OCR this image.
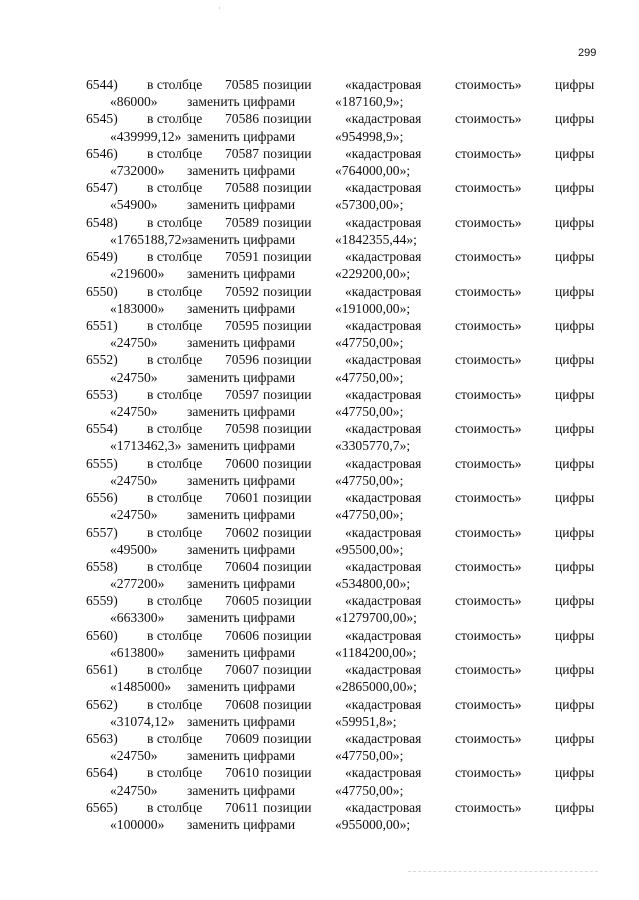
299
6544) в столбце 70585 позиции «кадастровая стоимость» цифры
«86000» заменить цифрами	«187160,9»;
6545) в столбце 70586 позиции «кадастровая стоимость» цифры
«439999,12» заменить цифрами	«954998,9»;
6546) в столбце 70587 позиции «кадастровая стоимость» цифры
«732000» заменить цифрами	«764000,00»;
6547) в столбце 70588 позиции «кадастровая стоимость» цифры
«54900» заменить цифрами	«57300,00»;
6548) в столбце 70589 позиции «кадастровая стоимость» цифры
«1765188,72»
заменить цифрами	«1842355,44»;
6549) в столбце 70591 позиции «кадастровая стоимость» цифры
«219600» заменить цифрами	«229200,00»;
6550) в столбце 70592 позиции «кадастровая стоимость» цифры
«183000» заменить цифрами	«191000,00»;
6551) в столбце 70595 позиции «кадастровая стоимость» цифры
«24750» заменить цифрами	«47750,00»;
6552) в столбце 70596 позиции «кадастровая стоимость» цифры
«24750» заменить цифрами	«47750,00»;
6553) в столбце 70597 позиции «кадастровая стоимость» цифры
«24750» заменить цифрами	«47750,00»;
6554) в столбце 70598 позиции «кадастровая стоимость» цифры
«1713462,3» заменить цифрами	«3305770,7»;
6555) в столбце 70600 позиции «кадастровая стоимость» цифры
«24750» заменить цифрами	«47750,00»;
6556) в столбце 70601 позиции «кадастровая стоимость» цифры
«24750» заменить цифрами	«47750,00»;
6557) в столбце 70602 позиции «кадастровая стоимость» цифры
«49500» заменить цифрами	«95500,00»;
6558) в столбце 70604 позиции «кадастровая стоимость» цифры
«277200» заменить цифрами	«534800,00»;
6559) в столбце 70605 позиции «кадастровая стоимость» цифры
«663300» заменить цифрами	«1279700,00»;
6560) в столбце 70606 позиции «кадастровая стоимость» цифры
«613800» заменить цифрами	«1184200,00»;
6561) в столбце 70607 позиции «кадастровая стоимость» цифры
«1485000» заменить цифрами	«2865000,00»;
6562) в столбце 70608 позиции «кадастровая стоимость» цифры
«31074,12» заменить цифрами	«59951,8»;
6563) в столбце 70609 позиции «кадастровая стоимость» цифры
«24750» заменить цифрами	«47750,00»;
6564) в столбце 70610 позиции «кадастровая стоимость» цифры
«24750» заменить цифрами	«47750,00»;
6565) в столбце 70611 позиции «кадастровая стоимость» цифры
«100000» заменить цифрами	«955000,00»;
